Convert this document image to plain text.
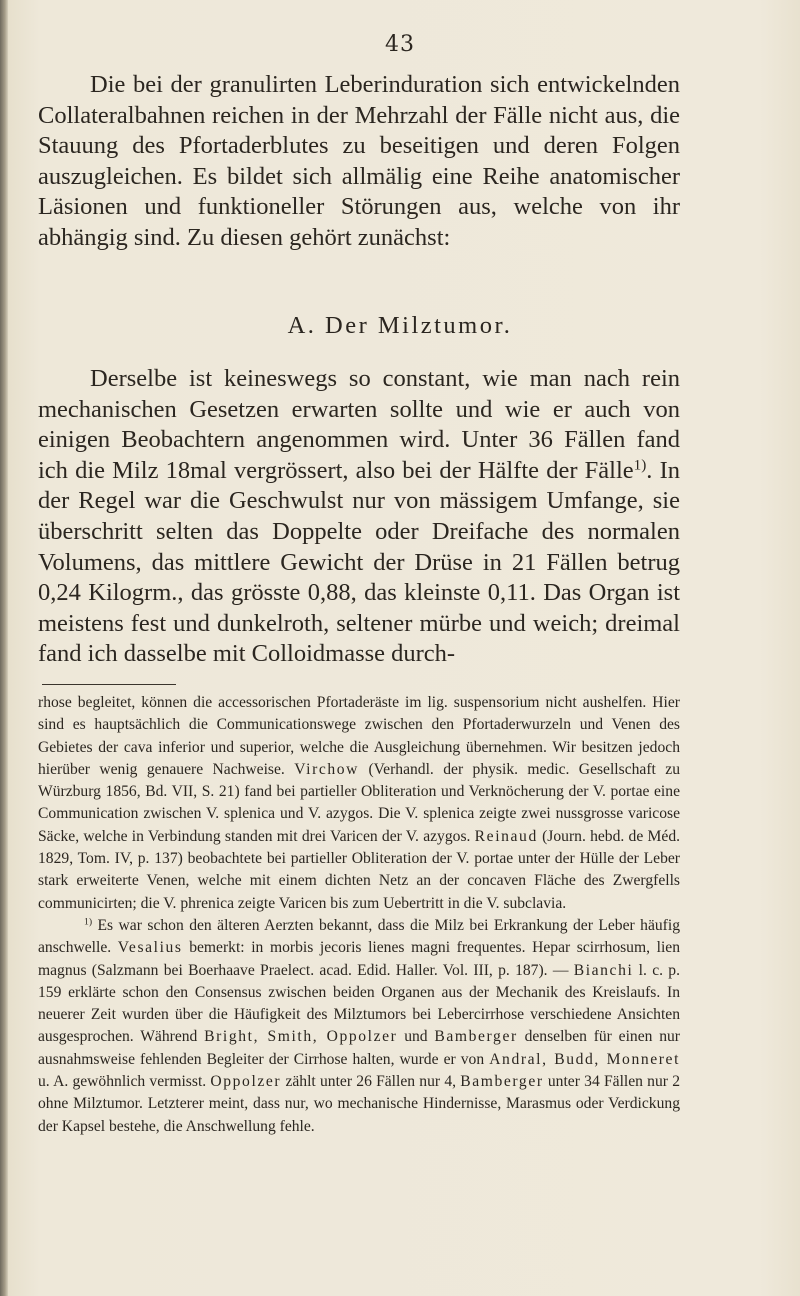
43

Die bei der granulirten Leberinduration sich entwickelnden Collateralbahnen reichen in der Mehrzahl der Fälle nicht aus, die Stauung des Pfortaderblutes zu beseitigen und deren Folgen auszugleichen. Es bildet sich allmälig eine Reihe anatomischer Läsionen und funktioneller Störungen aus, welche von ihr abhängig sind. Zu diesen gehört zunächst:

A. Der Milztumor.

Derselbe ist keineswegs so constant, wie man nach rein mechanischen Gesetzen erwarten sollte und wie er auch von einigen Beobachtern angenommen wird. Unter 36 Fällen fand ich die Milz 18mal vergrössert, also bei der Hälfte der Fälle$^{1)}$. In der Regel war die Geschwulst nur von mässigem Umfange, sie überschritt selten das Doppelte oder Dreifache des normalen Volumens, das mittlere Gewicht der Drüse in 21 Fällen betrug 0,24 Kilogrm., das grösste 0,88, das kleinste 0,11. Das Organ ist meistens fest und dunkelroth, seltener mürbe und weich; dreimal fand ich dasselbe mit Colloidmasse durch-

rhose begleitet, können die accessorischen Pfortaderäste im lig. suspensorium nicht aushelfen. Hier sind es hauptsächlich die Communicationswege zwischen den Pfortaderwurzeln und Venen des Gebietes der cava inferior und superior, welche die Ausgleichung übernehmen. Wir besitzen jedoch hierüber wenig genauere Nachweise. Virchow (Verhandl. der physik. medic. Gesellschaft zu Würzburg 1856, Bd. VII, S. 21) fand bei partieller Obliteration und Verknöcherung der V. portae eine Communication zwischen V. splenica und V. azygos. Die V. splenica zeigte zwei nussgrosse varicose Säcke, welche in Verbindung standen mit drei Varicen der V. azygos. Reinaud (Journ. hebd. de Méd. 1829, Tom. IV, p. 137) beobachtete bei partieller Obliteration der V. portae unter der Hülle der Leber stark erweiterte Venen, welche mit einem dichten Netz an der concaven Fläche des Zwergfells communicirten; die V. phrenica zeigte Varicen bis zum Uebertritt in die V. subclavia.

$^{1)}$ Es war schon den älteren Aerzten bekannt, dass die Milz bei Erkrankung der Leber häufig anschwelle. Vesalius bemerkt: in morbis jecoris lienes magni frequentes. Hepar scirrhosum, lien magnus (Salzmann bei Boerhaave Praelect. acad. Edid. Haller. Vol. III, p. 187). — Bianchi l. c. p. 159 erklärte schon den Consensus zwischen beiden Organen aus der Mechanik des Kreislaufs. In neuerer Zeit wurden über die Häufigkeit des Milztumors bei Lebercirrhose verschiedene Ansichten ausgesprochen. Während Bright, Smith, Oppolzer und Bamberger denselben für einen nur ausnahmsweise fehlenden Begleiter der Cirrhose halten, wurde er von Andral, Budd, Monneret u. A. gewöhnlich vermisst. Oppolzer zählt unter 26 Fällen nur 4, Bamberger unter 34 Fällen nur 2 ohne Milztumor. Letzterer meint, dass nur, wo mechanische Hindernisse, Marasmus oder Verdickung der Kapsel bestehe, die Anschwellung fehle.
